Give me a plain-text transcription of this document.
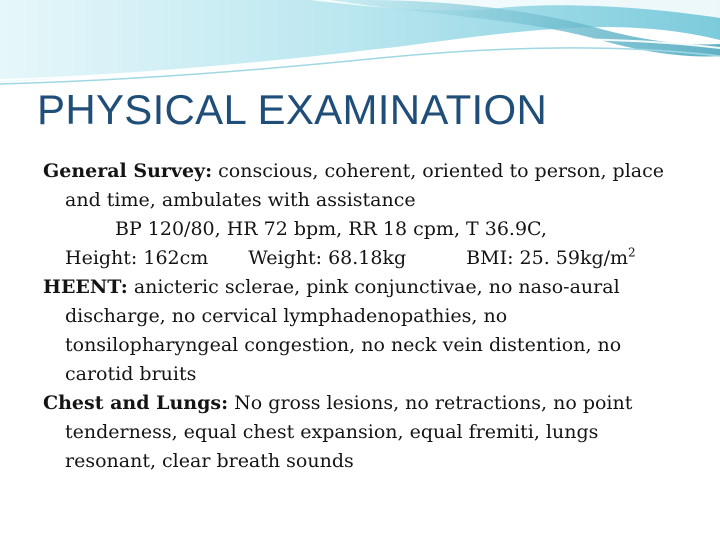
PHYSICAL EXAMINATION

General Survey: conscious, coherent, oriented to person, place and time, ambulates with assistance

BP 120/80, HR 72 bpm, RR 18 cpm, T 36.9C,

Height: 162cm Weight: 68.18kg	BMI: 25. $59kg/m^2$

HEENT: anicteric sclerae, pink conjunctivae, no naso-aural discharge, no cervical lymphadenopathies, no tonsilopharyngeal congestion, no neck vein distention, no carotid bruits

Chest and Lungs: No gross lesions, no retractions, no point tenderness, equal chest expansion, equal fremiti, lungs resonant, clear breath sounds
